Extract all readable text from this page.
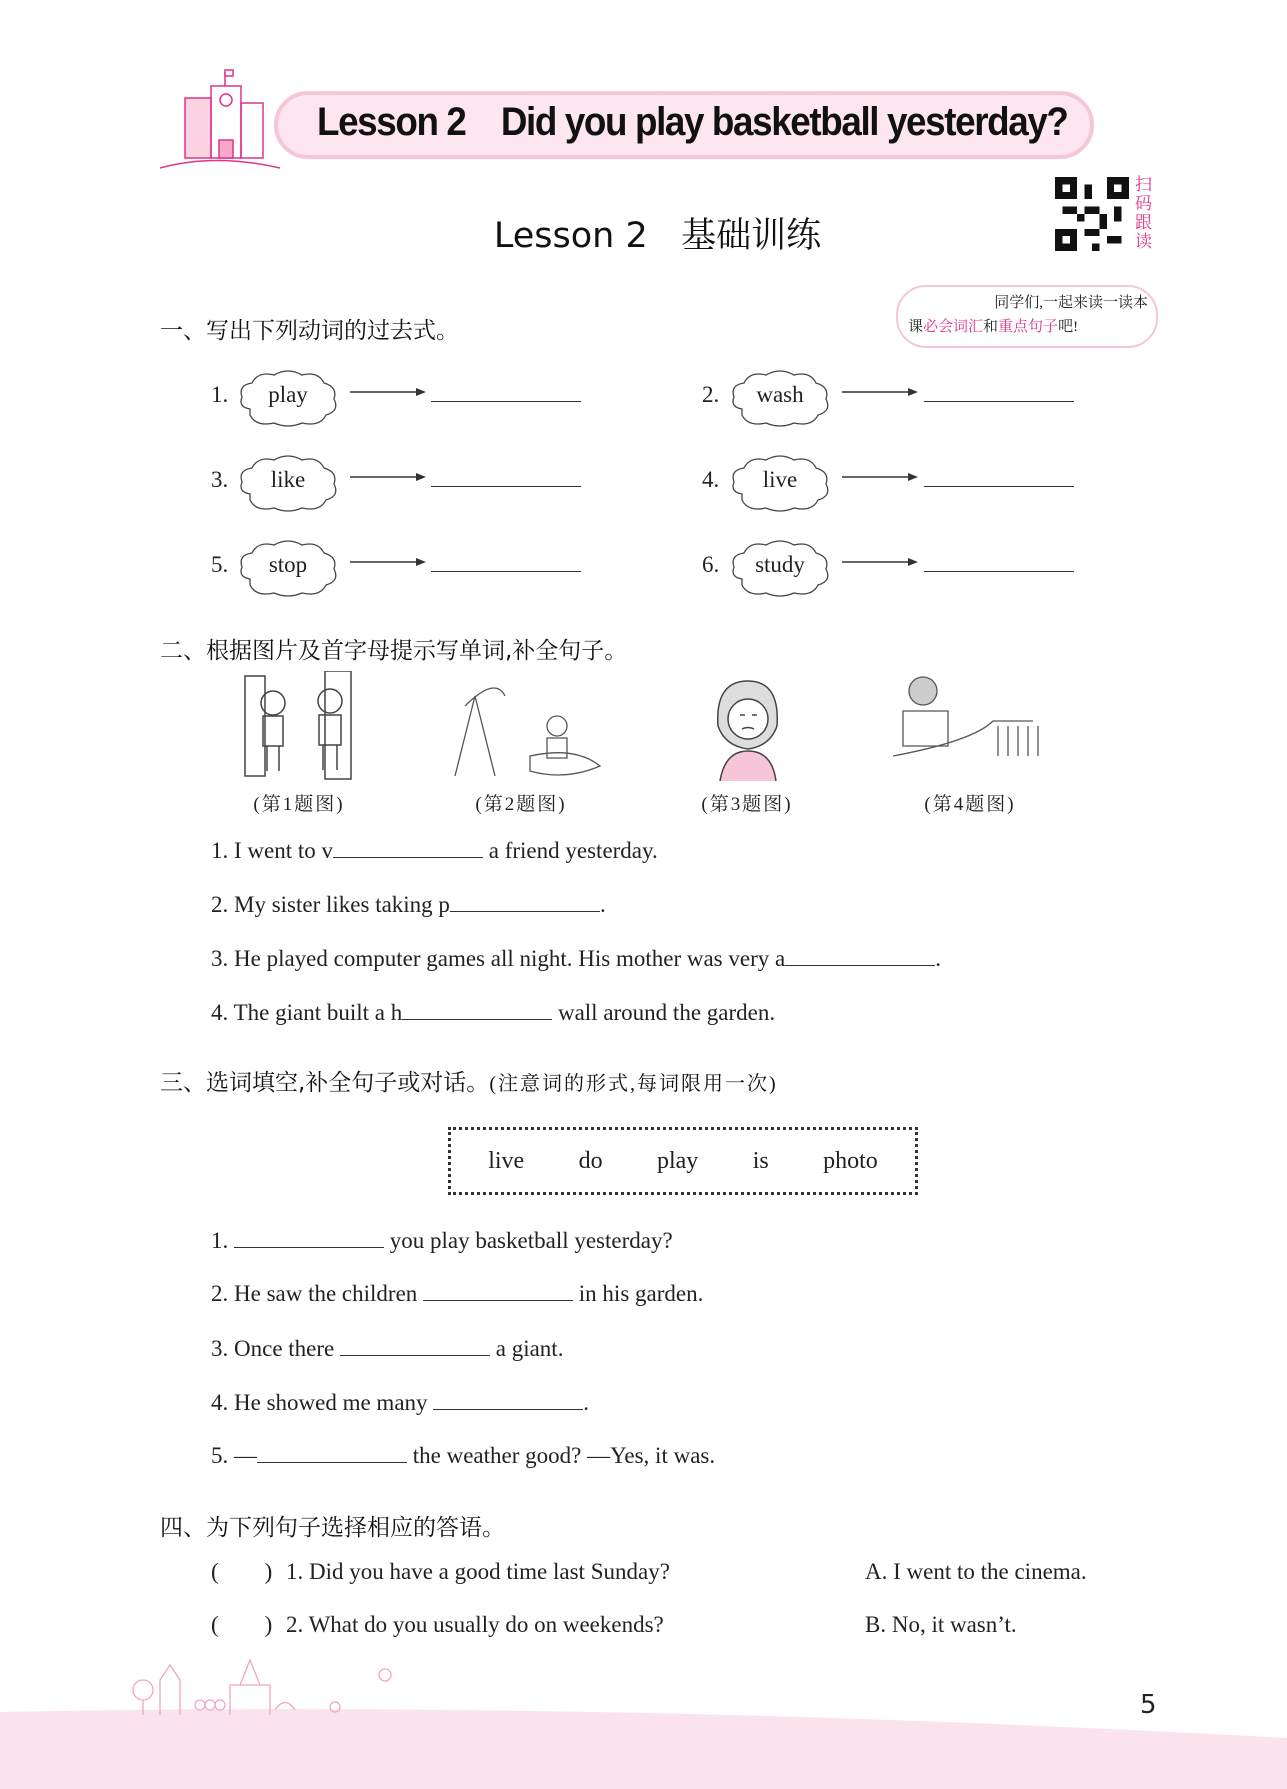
Lesson 2    Did you play basketball yesterday?
Lesson 2   基础训练
扫
码
跟
读
同学们,一起来读一读本
课必会词汇和重点句子吧!
一、写出下列动词的过去式。
1.	play	2.	wash
3.	like	4.	live
5.	stop	6.	study
二、根据图片及首字母提示写单词,补全句子。
(第1题图)	(第2题图)	(第3题图)	(第4题图)
1. I went to v	a friend yesterday.
2. My sister likes taking p	.
3. He played computer games all night. His mother was very a	.
4. The giant built a h	wall around the garden.
三、选词填空,补全句子或对话。(注意词的形式,每词限用一次)
live do play is photo
1.	you play basketball yesterday?
2. He saw the children	in his garden.
3. Once there	a giant.
4. He showed me many	.
5. —	the weather good? —Yes, it was.
四、为下列句子选择相应的答语。
(        ) 1. Did you have a good time last Sunday?	A. I went to the cinema.
(        ) 2. What do you usually do on weekends?	B. No, it wasn’t.
5
